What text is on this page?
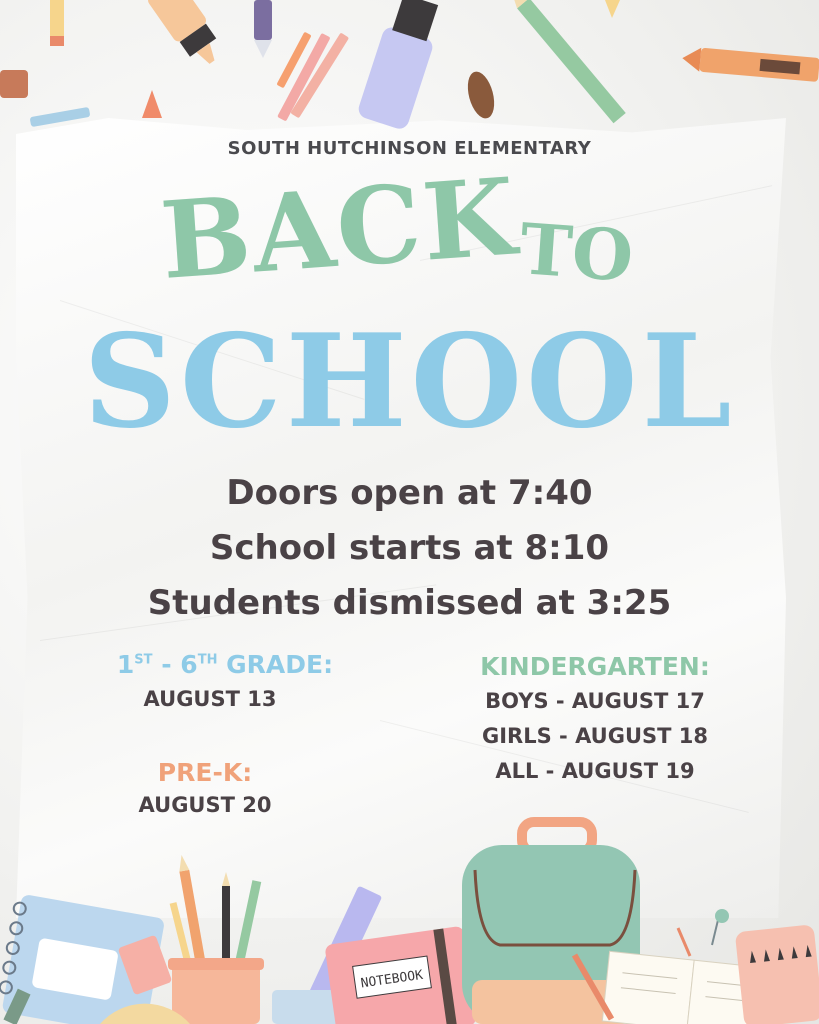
SOUTH HUTCHINSON ELEMENTARY

BACK

TO

SCHOOL

Doors open at 7:40

School starts at 8:10

Students dismissed at 3:25

1ST - 6TH GRADE:

AUGUST 13

PRE-K:

AUGUST 20

KINDERGARTEN:

BOYS - AUGUST 17

GIRLS - AUGUST 18

ALL - AUGUST 19

NOTEBOOK
